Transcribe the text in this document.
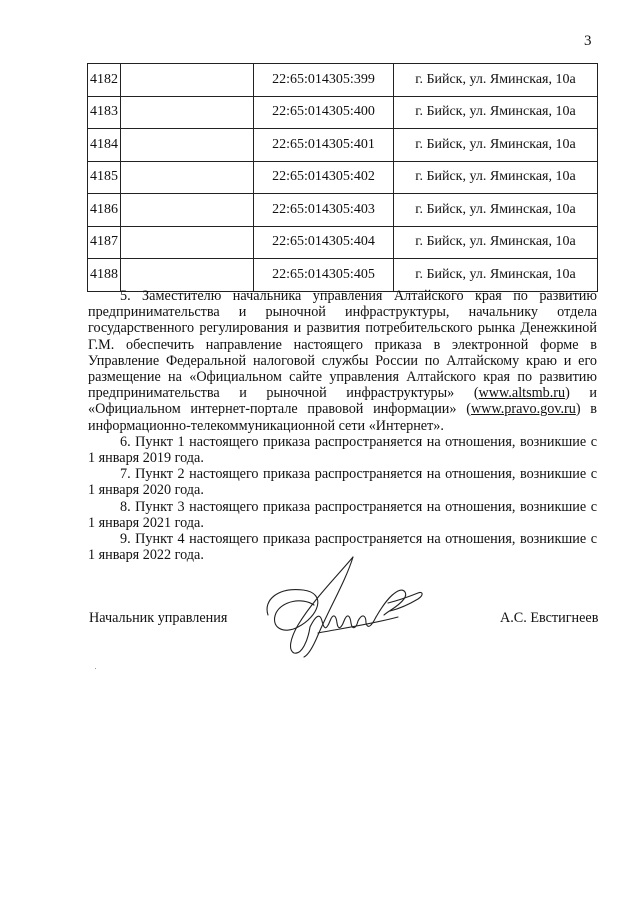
3
4182		22:65:014305:399	г. Бийск, ул. Яминская, 10а
4183		22:65:014305:400	г. Бийск, ул. Яминская, 10а
4184		22:65:014305:401	г. Бийск, ул. Яминская, 10а
4185		22:65:014305:402	г. Бийск, ул. Яминская, 10а
4186		22:65:014305:403	г. Бийск, ул. Яминская, 10а
4187		22:65:014305:404	г. Бийск, ул. Яминская, 10а
4188		22:65:014305:405	г. Бийск, ул. Яминская, 10а

5. Заместителю начальника управления Алтайского края по развитию предпринимательства и рыночной инфраструктуры, начальнику отдела государственного регулирования и развития потребительского рынка Денежкиной Г.М. обеспечить направление настоящего приказа в электронной форме в Управление Федеральной налоговой службы России по Алтайскому краю и его размещение на «Официальном сайте управления Алтайского края по развитию предпринимательства и рыночной инфраструктуры» (www.altsmb.ru) и «Официальном интернет-портале правовой информации» (www.pravo.gov.ru) в информационно-телекоммуникационной сети «Интернет».

6. Пункт 1 настоящего приказа распространяется на отношения, возникшие с 1 января 2019 года.

7. Пункт 2 настоящего приказа распространяется на отношения, возникшие с 1 января 2020 года.

8. Пункт 3 настоящего приказа распространяется на отношения, возникшие с 1 января 2021 года.

9. Пункт 4 настоящего приказа распространяется на отношения, возникшие с 1 января 2022 года.

Начальник управления	А.С. Евстигнеев
